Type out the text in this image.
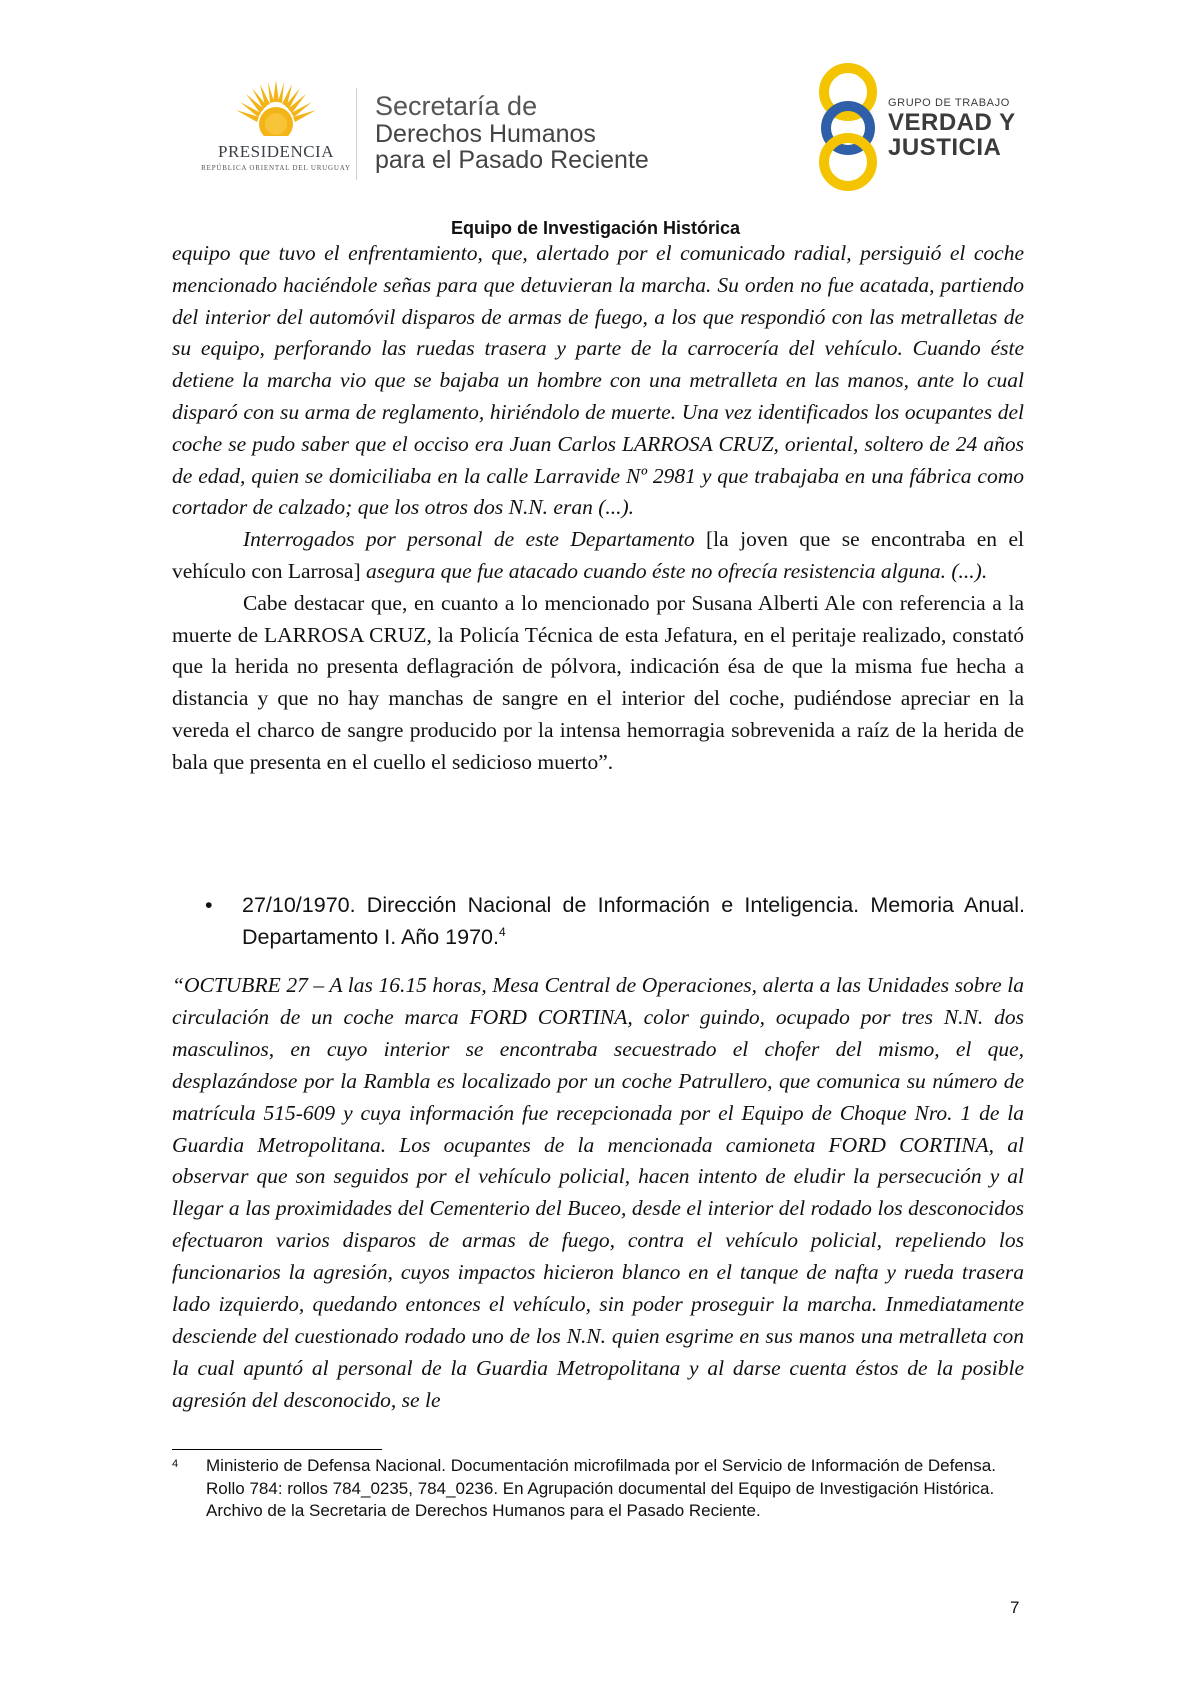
PRESIDENCIA
REPÚBLICA ORIENTAL DEL URUGUAY
Secretaría de
Derechos Humanos
para el Pasado Reciente
GRUPO DE TRABAJO
VERDAD Y
JUSTICIA
Equipo de Investigación Histórica

equipo que tuvo el enfrentamiento, que, alertado por el comunicado radial, persiguió el coche mencionado haciéndole señas para que detuvieran la marcha. Su orden no fue acatada, partiendo del interior del automóvil disparos de armas de fuego, a los que respondió con las metralletas de su equipo, perforando las ruedas trasera y parte de la carrocería del vehículo. Cuando éste detiene la marcha vio que se bajaba un hombre con una metralleta en las manos, ante lo cual disparó con su arma de reglamento, hiriéndolo de muerte. Una vez identificados los ocupantes del coche se pudo saber que el occiso era Juan Carlos LARROSA CRUZ, oriental, soltero de 24 años de edad, quien se domiciliaba en la calle Larravide Nº 2981 y que trabajaba en una fábrica como cortador de calzado; que los otros dos N.N. eran (...).

Interrogados por personal de este Departamento [la joven que se encontraba en el vehículo con Larrosa] asegura que fue atacado cuando éste no ofrecía resistencia alguna. (...).

Cabe destacar que, en cuanto a lo mencionado por Susana Alberti Ale con referencia a la muerte de LARROSA CRUZ, la Policía Técnica de esta Jefatura, en el peritaje realizado, constató que la herida no presenta deflagración de pólvora, indicación ésa de que la misma fue hecha a distancia y que no hay manchas de sangre en el interior del coche, pudiéndose apreciar en la vereda el charco de sangre producido por la intensa hemorragia sobrevenida a raíz de la herida de bala que presenta en el cuello el sedicioso muerto”.

• 27/10/1970. Dirección Nacional de Información e Inteligencia. Memoria Anual. Departamento I. Año 1970.$^4$
“OCTUBRE 27 – A las 16.15 horas, Mesa Central de Operaciones, alerta a las Unidades sobre la circulación de un coche marca FORD CORTINA, color guindo, ocupado por tres N.N. dos masculinos, en cuyo interior se encontraba secuestrado el chofer del mismo, el que, desplazándose por la Rambla es localizado por un coche Patrullero, que comunica su número de matrícula 515-609 y cuya información fue recepcionada por el Equipo de Choque Nro. 1 de la Guardia Metropolitana. Los ocupantes de la mencionada camioneta FORD CORTINA, al observar que son seguidos por el vehículo policial, hacen intento de eludir la persecución y al llegar a las proximidades del Cementerio del Buceo, desde el interior del rodado los desconocidos efectuaron varios disparos de armas de fuego, contra el vehículo policial, repeliendo los funcionarios la agresión, cuyos impactos hicieron blanco en el tanque de nafta y rueda trasera lado izquierdo, quedando entonces el vehículo, sin poder proseguir la marcha. Inmediatamente desciende del cuestionado rodado uno de los N.N. quien esgrime en sus manos una metralleta con la cual apuntó al personal de la Guardia Metropolitana y al darse cuenta éstos de la posible agresión del desconocido, se le
4 Ministerio de Defensa Nacional. Documentación microfilmada por el Servicio de Información de Defensa. Rollo 784: rollos 784_0235, 784_0236. En Agrupación documental del Equipo de Investigación Histórica. Archivo de la Secretaria de Derechos Humanos para el Pasado Reciente.
7
